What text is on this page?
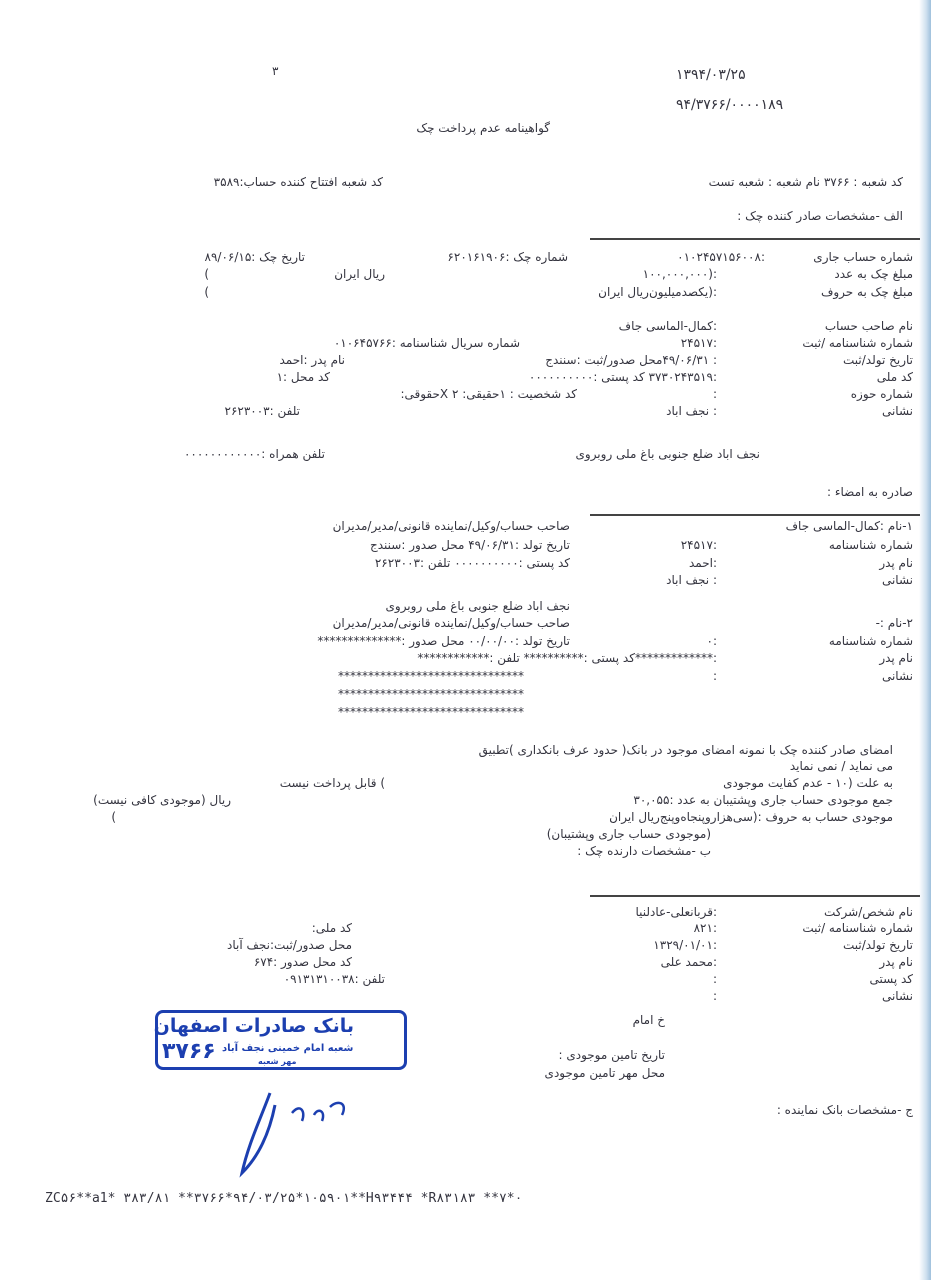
۳	۱۳۹۴/۰۳/۲۵
۹۴/۳۷۶۶/۰۰۰۰۱۸۹
گواهینامه عدم پرداخت چک
کد شعبه : ۳۷۶۶ نام شعبه : شعبه تست
کد شعبه افتتاح کننده حساب:۳۵۸۹
الف -مشخصات صادر کننده چک :
شماره حساب جاری
:۰۱۰۲۴۵۷۱۵۶۰۰۸
شماره چک :۶۲۰۱۶۱۹۰۶
تاریخ چک :۸۹/۰۶/۱۵
مبلغ چک به عدد
:(۱۰۰,۰۰۰,۰۰۰
ریال ایران
)
مبلغ چک به حروف
:(یکصدمیلیون‌ریال ایران
)
نام صاحب حساب
:کمال-الماسی جاف
شماره شناسنامه /ثبت
:۲۴۵۱۷
شماره سریال شناسنامه :۰۱۰۶۴۵۷۶۶
تاریخ تولد/ثبت
: ۴۹/۰۶/۳۱محل صدور/ثبت :سنندج
نام پدر :احمد
کد ملی
:۳۷۳۰۲۴۳۵۱۹ کد پستی :۰۰۰۰۰۰۰۰۰۰
کد محل :۱
شماره حوزه
:
کد شخصیت : ۱حقیقی: X ۲حقوقی:
نشانی
: نجف اباد
تلفن :۲۶۲۳۰۰۳
نجف اباد ضلع جنوبی باغ ملی روبروی
تلفن همراه :۰۰۰۰۰۰۰۰۰۰۰۰
صادره به امضاء :
۱-نام :کمال-الماسی جاف
صاحب حساب/وکیل/نماینده قانونی/مدیر/مدیران
شماره شناسنامه
:۲۴۵۱۷
تاریخ تولد :۴۹/۰۶/۳۱ محل صدور :سنندج
نام پدر
:احمد
کد پستی :۰۰۰۰۰۰۰۰۰۰ تلفن :۲۶۲۳۰۰۳
نشانی
: نجف اباد
نجف اباد ضلع جنوبی باغ ملی روبروی
۲-نام :-
صاحب حساب/وکیل/نماینده قانونی/مدیر/مدیران
شماره شناسنامه
:۰
تاریخ تولد :۰۰/۰۰/۰۰ محل صدور :**************
نام پدر
:*************کد پستی :********** تلفن :************
نشانی
:
*******************************
*******************************
*******************************
امضای صادر کننده چک با نمونه امضای موجود در بانک( حدود عرف بانکداری )تطبیق
می نماید / نمی نماید
به علت (۱۰ - عدم کفایت موجودی
) قابل پرداخت نیست
جمع موجودی حساب جاری وپشتیبان به عدد :۳۰,۰۵۵
ریال (موجودی کافی نیست)
موجودی حساب به حروف :(سی‌هزاروپنجاه‌وپنج‌ریال ایران
)
(موجودی حساب جاری وپشتیبان)
ب -مشخصات دارنده چک :
نام شخص/شرکت
:قربانعلی-عادلنیا
شماره شناسنامه /ثبت
:۸۲۱
کد ملی:
تاریخ تولد/ثبت
:۱۳۲۹/۰۱/۰۱
محل صدور/ثبت:نجف آباد
نام پدر
:محمد علی
کد محل صدور :۶۷۴
کد پستی
:
تلفن :۰۹۱۳۱۳۱۰۰۳۸
نشانی
:
خ امام
تاریخ تامین موجودی :
محل مهر تامین موجودی
ج -مشخصات بانک نماینده :
بانک صادرات اصفهان
۳۷۶۶ شعبه امام خمینی نجف آباد
مهر شعبه
ZC۵۶**a1* ۳۸۳/۸۱ **۳۷۶۶*۹۴/۰۳/۲۵*۱۰۵۹۰۱**H۹۳۴۴۴ *R۸۳۱۸۳ **۷*۰
